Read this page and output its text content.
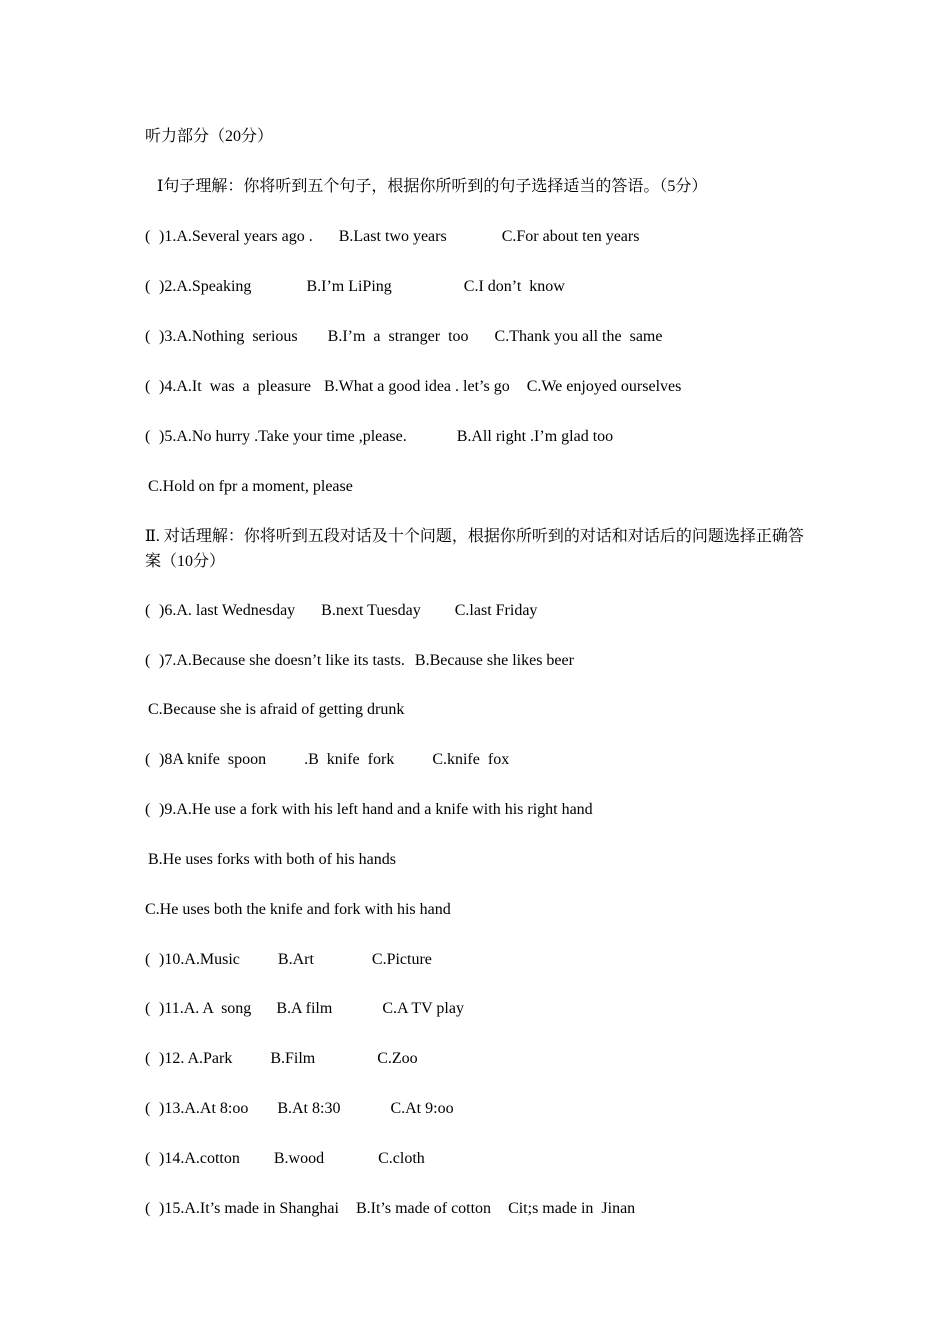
听力部分（20分）
Ⅰ句子理解：你将听到五个句子，根据你所听到的句子选择适当的答语。（5分）
( )1.A.Several years ago . B.Last two years	C.For about ten years
( )2.A.Speaking	B.I’m LiPing	C.I don’t  know
( )3.A.Nothing  serious B.I’m  a  stranger  too C.Thank you all the  same
( )4.A.It  was  a  pleasure B.What a good idea . let’s go C.We enjoyed ourselves
( )5.A.No hurry .Take your time ,please.	B.All right .I’m glad too
C.Hold on fpr a moment, please
Ⅱ. 对话理解：你将听到五段对话及十个问题，根据你所听到的对话和对话后的问题选择正确答案（10分）
( )6.A. last Wednesday B.next Tuesday C.last Friday
( )7.A.Because she doesn’t like its tasts. B.Because she likes beer
C.Because she is afraid of getting drunk
( )8A knife  spoon .B  knife  fork C.knife  fox
( )9.A.He use a fork with his left hand and a knife with his right hand
B.He uses forks with both of his hands
C.He uses both the knife and fork with his hand
( )10.A.Music B.Art	C.Picture
( )11.A. A  song B.A film	C.A TV play
( )12. A.Park B.Film	C.Zoo
( )13.A.At 8:oo B.At 8:30	C.At 9:oo
( )14.A.cotton B.wood	C.cloth
( )15.A.It’s made in Shanghai B.It’s made of cotton Cit;s made in  Jinan
